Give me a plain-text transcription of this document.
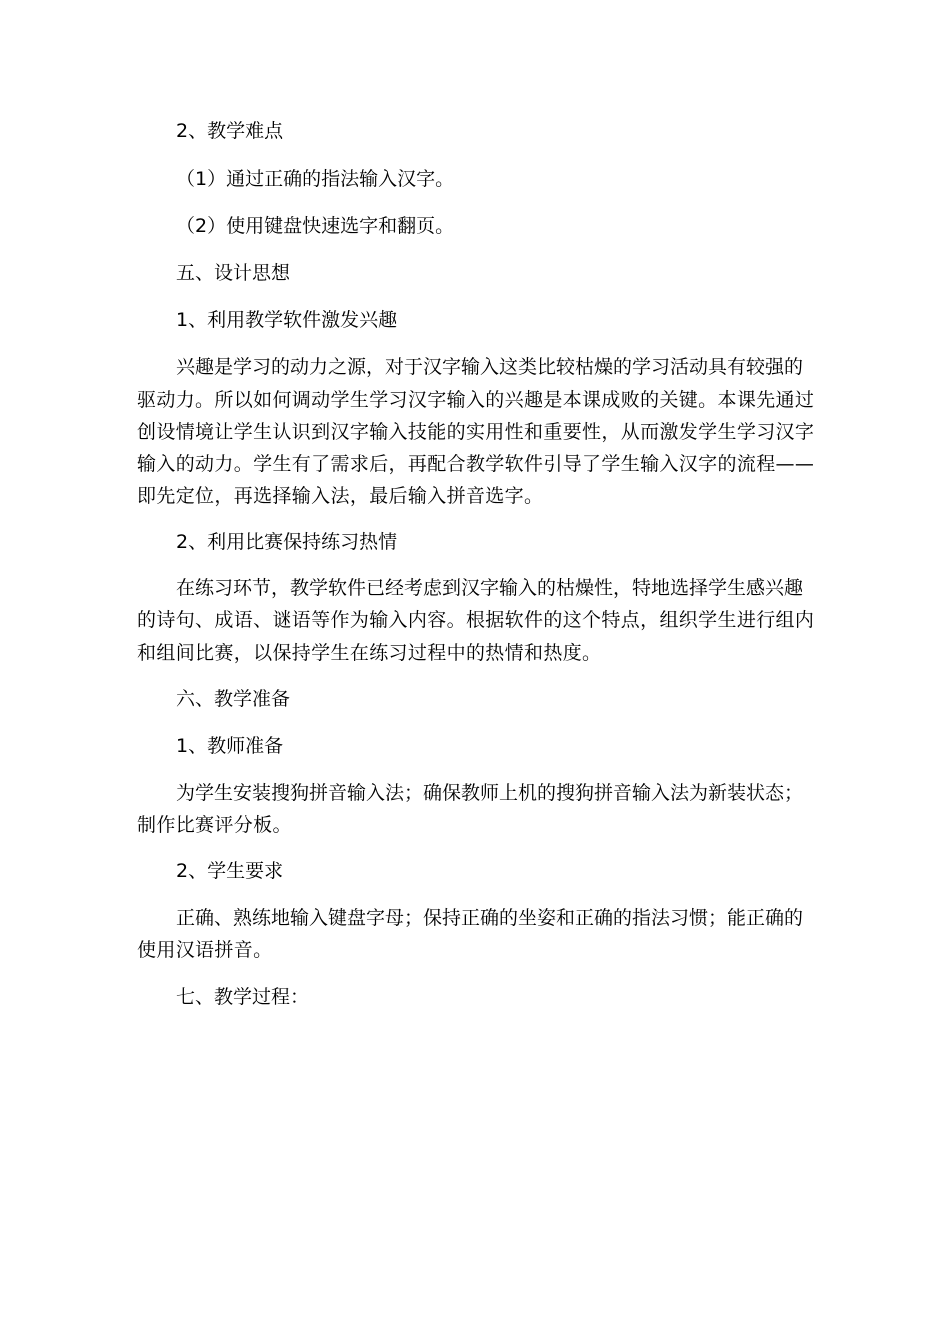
2、教学难点

（1）通过正确的指法输入汉字。

（2）使用键盘快速选字和翻页。

五、设计思想

1、利用教学软件激发兴趣

兴趣是学习的动力之源，对于汉字输入这类比较枯燥的学习活动具有较强的

驱动力。所以如何调动学生学习汉字输入的兴趣是本课成败的关键。本课先通过

创设情境让学生认识到汉字输入技能的实用性和重要性，从而激发学生学习汉字

输入的动力。学生有了需求后，再配合教学软件引导了学生输入汉字的流程——

即先定位，再选择输入法，最后输入拼音选字。

2、利用比赛保持练习热情

在练习环节，教学软件已经考虑到汉字输入的枯燥性，特地选择学生感兴趣

的诗句、成语、谜语等作为输入内容。根据软件的这个特点，组织学生进行组内

和组间比赛，以保持学生在练习过程中的热情和热度。

六、教学准备

1、教师准备

为学生安装搜狗拼音输入法；确保教师上机的搜狗拼音输入法为新装状态；

制作比赛评分板。

2、学生要求

正确、熟练地输入键盘字母；保持正确的坐姿和正确的指法习惯；能正确的

使用汉语拼音。

七、教学过程：
